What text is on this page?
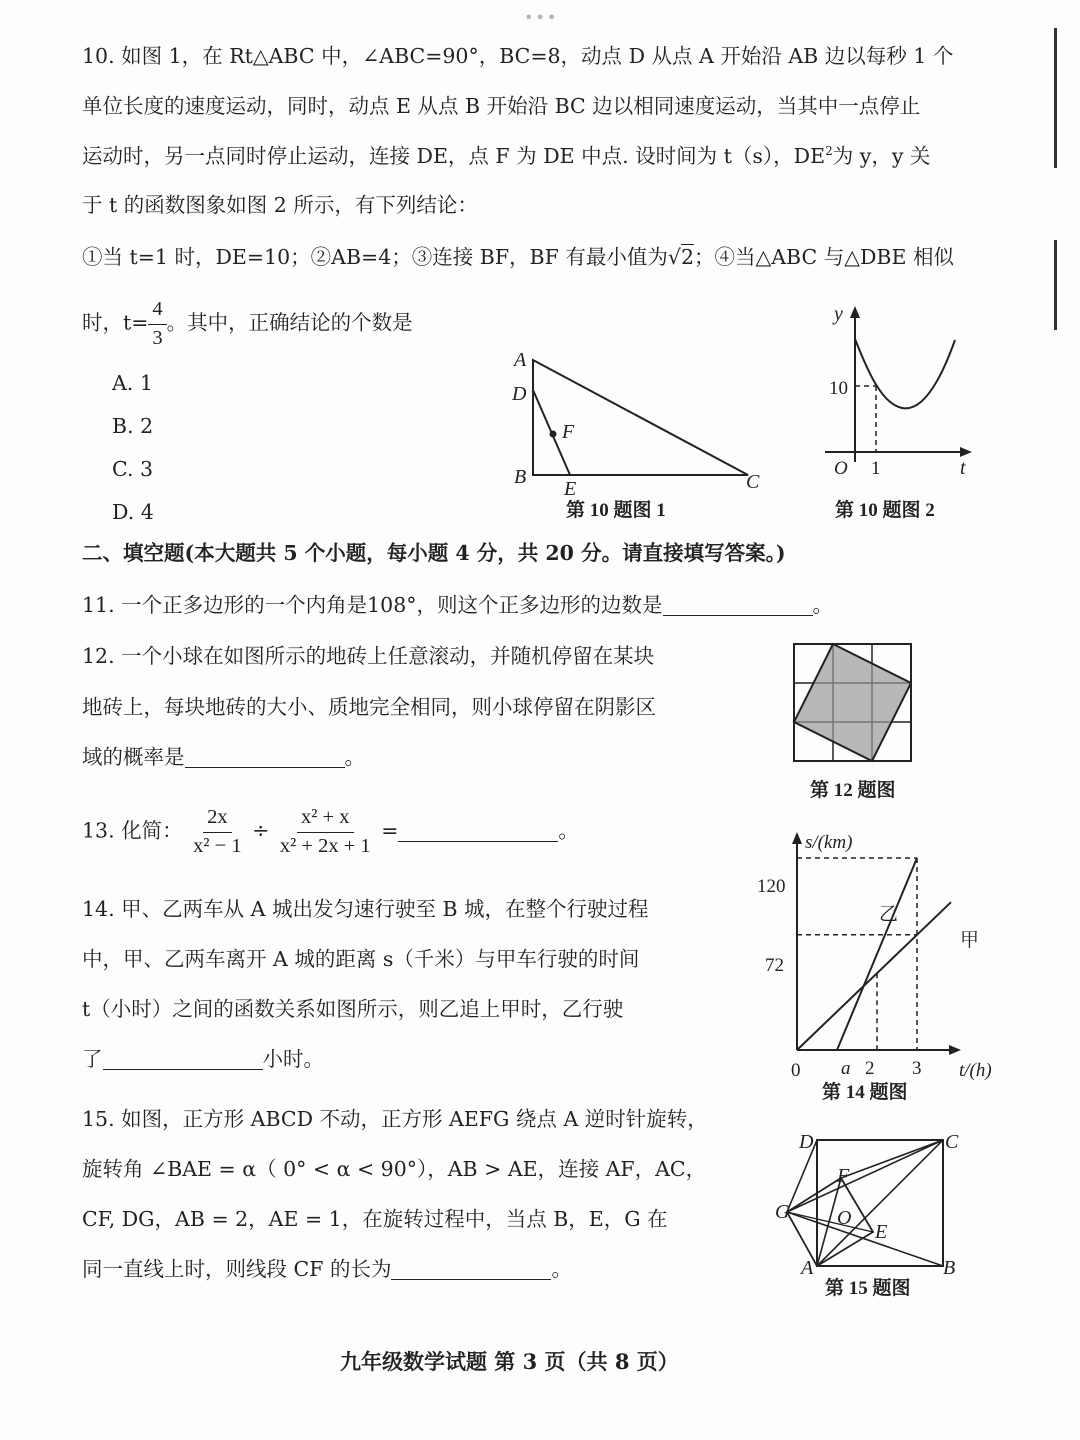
•••
10. 如图 1，在 Rt△ABC 中，∠ABC=90°，BC=8，动点 D 从点 A 开始沿 AB 边以每秒 1 个
单位长度的速度运动，同时，动点 E 从点 B 开始沿 BC 边以相同速度运动，当其中一点停止
运动时，另一点同时停止运动，连接 DE，点 F 为 DE 中点. 设时间为 t（s），$DE^2$为 y，y 关
于 t 的函数图象如图 2 所示，有下列结论：
①当 t=1 时，DE=10；②AB=4；③连接 BF，BF 有最小值为√2；④当△ABC 与△DBE 相似
时，$t= \frac{4}{3}$ 。其中，正确结论的个数是
A. 1
B. 2
C. 3
D. 4
A
D
F
B
E	C
第 10 题图 1
y
10
O 1	t
第 10 题图 2
二、填空题(本大题共 5 个小题，每小题 4 分，共 20 分。请直接填写答案。)
11. 一个正多边形的一个内角是108°，则这个正多边形的边数是	。
12. 一个小球在如图所示的地砖上任意滚动，并随机停留在某块
地砖上，每块地砖的大小、质地完全相同，则小球停留在阴影区
域的概率是	。
第 12 题图
13. 化简： $\frac{2x}{\text{x² − 1}} \div \frac{\text{x² + x}}{\text{x² + 2x + 1}}$ =	。
14. 甲、乙两车从 A 城出发匀速行驶至 B 城，在整个行驶过程
中，甲、乙两车离开 A 城的距离 s（千米）与甲车行驶的时间
t（小时）之间的函数关系如图所示，则乙追上甲时，乙行驶
了	小时。
s/(km)
120
72
0 a 2 3 t/(h)
乙
甲
第 14 题图
15. 如图，正方形 ABCD 不动，正方形 AEFG 绕点 A 逆时针旋转，
旋转角 ∠BAE = α（ 0° < α < 90°），AB > AE，连接 AF，AC，
CF, DG，AB = 2，AE = 1，在旋转过程中，当点 B，E，G 在
同一直线上时，则线段 CF 的长为	。
D	C
F
G O
E
A	B
第 15 题图
九年级数学试题 第 3 页（共 8 页）
